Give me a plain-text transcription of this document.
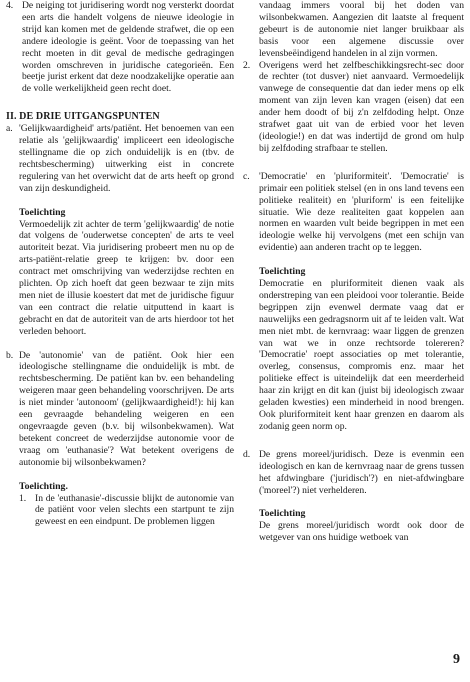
4. De neiging tot juridisering wordt nog versterkt doordat een arts die handelt volgens de nieuwe ideologie in strijd kan komen met de geldende strafwet, die op een andere ideologie is geënt. Voor de toepassing van het recht moeten in dit geval de medische gedragingen worden omschreven in juridische categorieën. Een beetje jurist erkent dat deze noodzakelijke operatie aan de volle werkelijkheid geen recht doet.

II. DE DRIE UITGANGSPUNTEN

a. 'Gelijkwaardigheid' arts/patiënt. Het benoemen van een relatie als 'gelijkwaardig' impliceert een ideologische stellingname die op zich onduidelijk is en (tbv. de rechtsbescherming) uitwerking eist in concrete regulering van het overwicht dat de arts heeft op grond van zijn deskundigheid.

Toelichting

Vermoedelijk zit achter de term 'gelijkwaardig' de notie dat volgens de 'ouderwetse concepten' de arts te veel autoriteit bezat. Via juridisering probeert men nu op de arts-patiënt-relatie greep te krijgen: bv. door een contract met omschrijving van wederzijdse rechten en plichten. Op zich hoeft dat geen bezwaar te zijn mits men niet de illusie koestert dat met de juridische figuur van een contract die relatie uitputtend in kaart is gebracht en dat de autoriteit van de arts hierdoor tot het verleden behoort.

b. De 'autonomie' van de patiënt. Ook hier een ideologische stellingname die onduidelijk is mbt. de rechtsbescherming. De patiënt kan bv. een behandeling weigeren maar geen behandeling voorschrijven. De arts is niet minder 'autonoom' (gelijkwaardigheid!): hij kan een gevraagde behandeling weigeren en een ongevraagde geven (b.v. bij wilsonbekwamen). Wat betekent concreet de wederzijdse autonomie voor de vraag om 'euthanasie'? Wat betekent overigens de autonomie bij wilsonbekwamen?

Toelichting.

1. In de 'euthanasie'-discussie blijkt de autonomie van de patiënt voor velen slechts een startpunt te zijn geweest en een eindpunt. De problemen liggen

vandaag immers vooral bij het doden van wilsonbekwamen. Aangezien dit laatste al frequent gebeurt is de autonomie niet langer bruikbaar als basis voor een algemene discussie over levensbeëindigend handelen in al zijn vormen.

2. Overigens werd het zelfbeschikkingsrecht-sec door de rechter (tot dusver) niet aanvaard. Vermoedelijk vanwege de consequentie dat dan ieder mens op elk moment van zijn leven kan vragen (eisen) dat een ander hem doodt of bij z'n zelfdoding helpt. Onze strafwet gaat uit van de erbied voor het leven (ideologie!) en dat was indertijd de grond om hulp bij zelfdoding strafbaar te stellen.

c. 'Democratie' en 'pluriformiteit'. 'Democratie' is primair een politiek stelsel (en in ons land tevens een politieke realiteit) en 'pluriform' is een feitelijke situatie. Wie deze realiteiten gaat koppelen aan normen en waarden vult beide begrippen in met een ideologie welke hij vervolgens (met een schijn van evidentie) aan anderen tracht op te leggen.

Toelichting

Democratie en pluriformiteit dienen vaak als onderstreping van een pleidooi voor tolerantie. Beide begrippen zijn evenwel dermate vaag dat er nauwelijks een gedragsnorm uit af te leiden valt. Wat men niet mbt. de kernvraag: waar liggen de grenzen van wat we in onze rechtsorde tolereren? 'Democratie' roept associaties op met tolerantie, overleg, consensus, compromis enz. maar het politieke effect is uiteindelijk dat een meerderheid haar zin krijgt en dit kan (juist bij ideologisch zwaar geladen kwesties) een minderheid in nood brengen. Ook pluriformiteit kent haar grenzen en daarom als zodanig geen norm op.

d. De grens moreel/juridisch. Deze is evenmin een ideologisch en kan de kernvraag naar de grens tussen het afdwingbare ('juridisch'?) en niet-afdwingbare ('moreel'?) niet verhelderen.

Toelichting

De grens moreel/juridisch wordt ook door de wetgever van ons huidige wetboek van

9
